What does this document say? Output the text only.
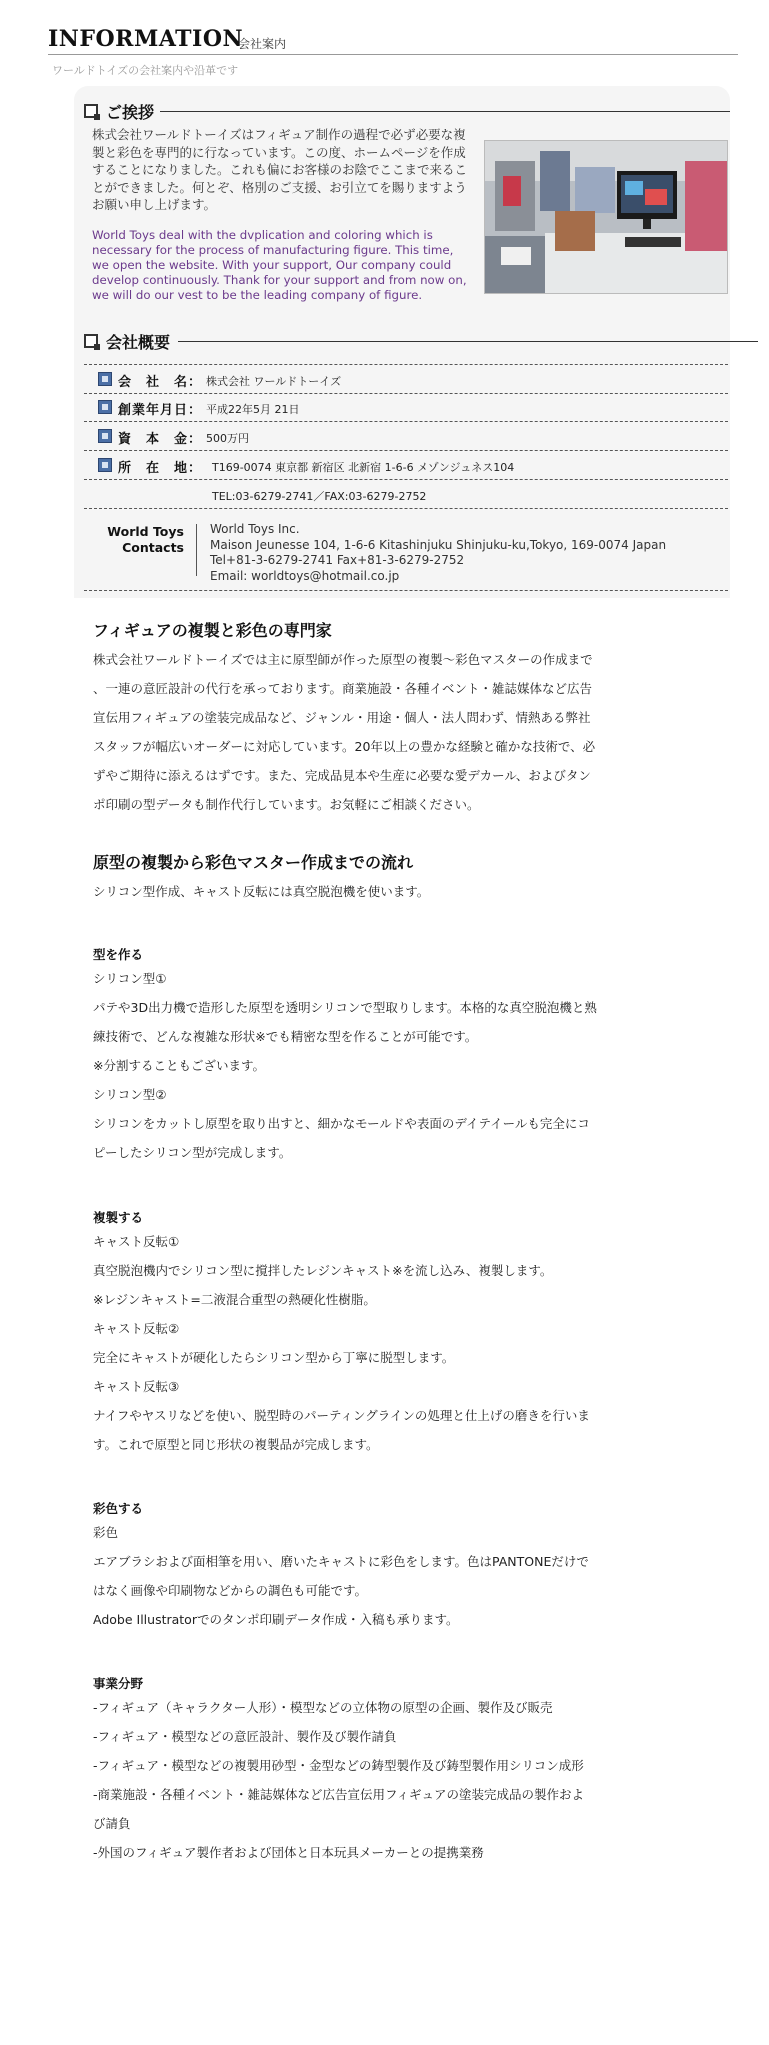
INFORMATION
会社案内
ワールドトイズの会社案内や沿革です
ご挨拶
株式会社ワールドトーイズはフィギュア制作の過程で必ず必要な複製と彩色を専門的に行なっています。この度、ホームページを作成することになりました。これも偏にお客様のお陰でここまで来ることができました。何とぞ、格別のご支援、お引立てを賜りますようお願い申し上げます。
World Toys deal with the dvplication and coloring which is necessary for the process of manufacturing figure. This time, we open the website. With your support, Our company could develop continuously. Thank for your support and from now on, we will do our vest to be the leading company of figure.
会社概要
会　社　名： 株式会社 ワールドトーイズ
創業年月日： 平成22年5月 21日
資　本　金： 500万円
所　在　地： T169-0074 東京都 新宿区 北新宿 1-6-6 メゾンジュネス104
TEL:03-6279-2741／FAX:03-6279-2752
World Toys
Contacts
World Toys Inc.
Maison Jeunesse 104, 1-6-6 Kitashinjuku Shinjuku-ku,Tokyo, 169-0074 Japan
Tel+81-3-6279-2741 Fax+81-3-6279-2752
Email: worldtoys@hotmail.co.jp
フィギュアの複製と彩色の専門家
株式会社ワールドトーイズでは主に原型師が作った原型の複製〜彩色マスターの作成まで
、一連の意匠設計の代行を承っております。商業施設・各種イベント・雑誌媒体など広告
宣伝用フィギュアの塗装完成品など、ジャンル・用途・個人・法人問わず、情熱ある弊社
スタッフが幅広いオーダーに対応しています。20年以上の豊かな経験と確かな技術で、必
ずやご期待に添えるはずです。また、完成品見本や生産に必要な愛デカール、およびタン
ポ印刷の型データも制作代行しています。お気軽にご相談ください。
原型の複製から彩色マスター作成までの流れ
シリコン型作成、キャスト反転には真空脱泡機を使います。
型を作る
シリコン型①
パテや3D出力機で造形した原型を透明シリコンで型取りします。本格的な真空脱泡機と熟
練技術で、どんな複雑な形状※でも精密な型を作ることが可能です。
※分割することもございます。
シリコン型②
シリコンをカットし原型を取り出すと、細かなモールドや表面のデイテイールも完全にコ
ピーしたシリコン型が完成します。
複製する
キャスト反転①
真空脱泡機内でシリコン型に撹拌したレジンキャスト※を流し込み、複製します。
※レジンキャスト=二液混合重型の熱硬化性樹脂。
キャスト反転②
完全にキャストが硬化したらシリコン型から丁寧に脱型します。
キャスト反転③
ナイフやヤスリなどを使い、脱型時のパーティングラインの処理と仕上げの磨きを行いま
す。これで原型と同じ形状の複製品が完成します。
彩色する
彩色
エアブラシおよび面相筆を用い、磨いたキャストに彩色をします。色はPANTONEだけで
はなく画像や印刷物などからの調色も可能です。
Adobe Illustratorでのタンポ印刷データ作成・入稿も承ります。
事業分野
-フィギュア（キャラクター人形）・模型などの立体物の原型の企画、製作及び販売
-フィギュア・模型などの意匠設計、製作及び製作請負
-フィギュア・模型などの複製用砂型・金型などの鋳型製作及び鋳型製作用シリコン成形
-商業施設・各種イベント・雑誌媒体など広告宣伝用フィギュアの塗装完成品の製作およ
び請負
-外国のフィギュア製作者および団体と日本玩具メーカーとの提携業務
